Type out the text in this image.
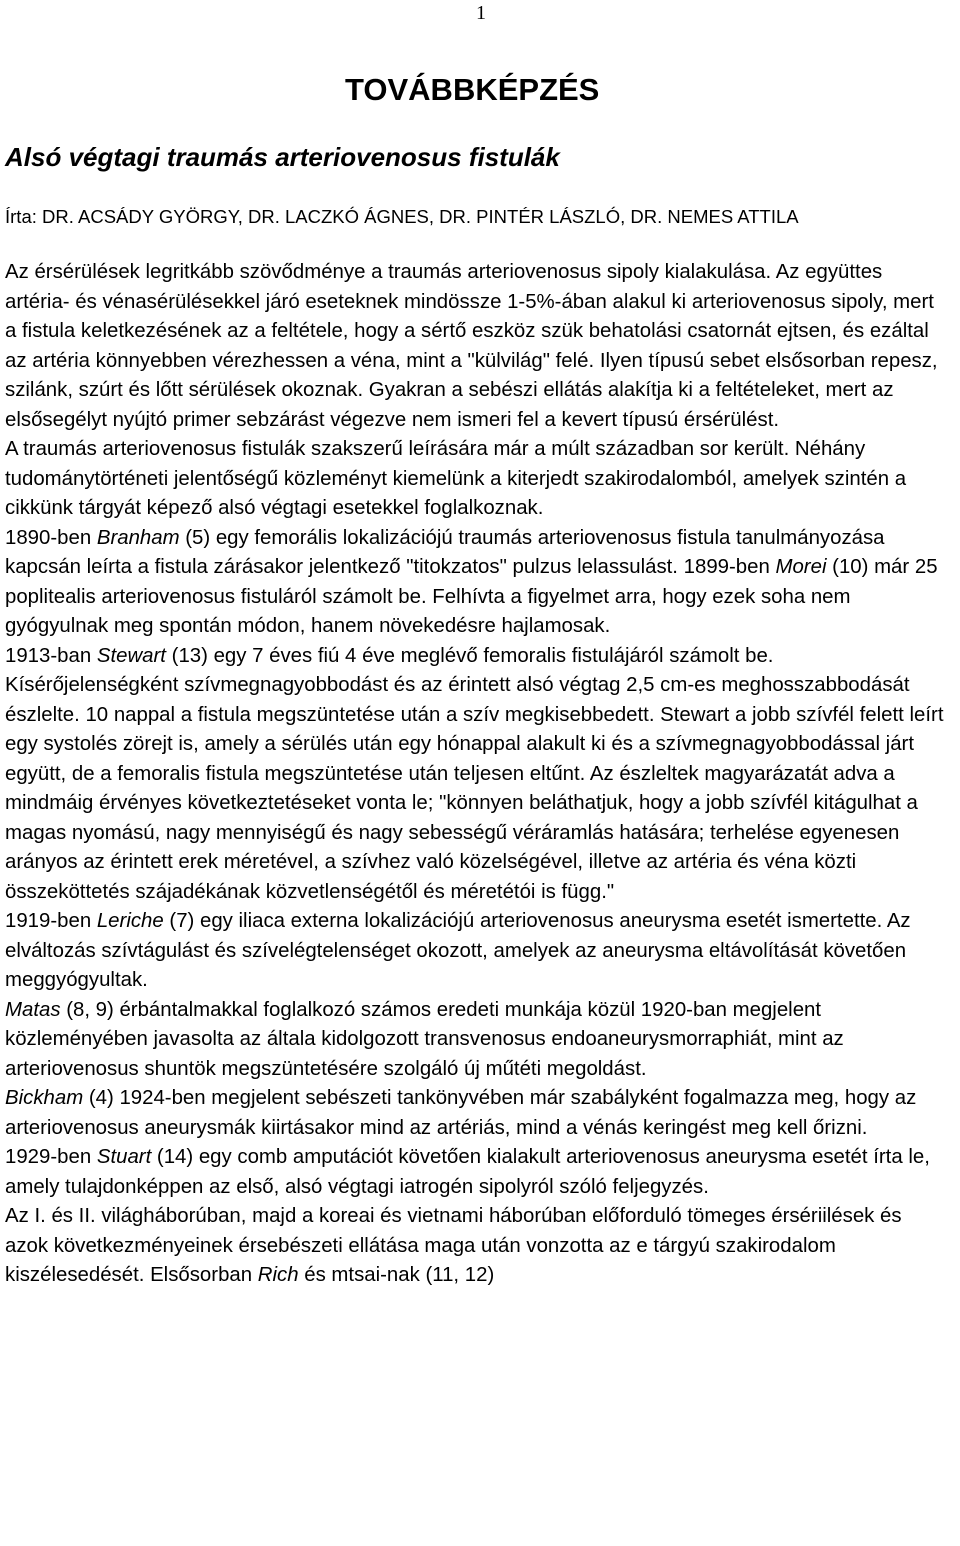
1
TOVÁBBKÉPZÉS
Alsó végtagi traumás arteriovenosus fistulák

Írta: DR. ACSÁDY GYÖRGY, DR. LACZKÓ ÁGNES, DR. PINTÉR LÁSZLÓ, DR. NEMES ATTILA

Az érsérülések legritkább szövődménye a traumás arteriovenosus sipoly kialakulása. Az együttes artéria- és vénasérülésekkel járó eseteknek mindössze 1-5%-ában alakul ki arteriovenosus sipoly, mert a fistula keletkezésének az a feltétele, hogy a sértő eszköz szük behatolási csatornát ejtsen, és ezáltal az artéria könnyebben vérezhessen a véna, mint a "külvilág" felé. Ilyen típusú sebet elsősorban repesz, szilánk, szúrt és lőtt sérülések okoznak. Gyakran a sebészi ellátás alakítja ki a feltételeket, mert az elsősegélyt nyújtó primer sebzárást végezve nem ismeri fel a kevert típusú érsérülést.

A traumás arteriovenosus fistulák szakszerű leírására már a múlt században sor került. Néhány tudománytörténeti jelentőségű közleményt kiemelünk a kiterjedt szakirodalomból, amelyek szintén a cikkünk tárgyát képező alsó végtagi esetekkel foglalkoznak.

1890-ben Branham (5) egy femorális lokalizációjú traumás arteriovenosus fistula tanulmányozása kapcsán leírta a fistula zárásakor jelentkező "titokzatos" pulzus lelassulást. 1899-ben Morei (10) már 25 poplitealis arteriovenosus fistuláról számolt be. Felhívta a figyelmet arra, hogy ezek soha nem gyógyulnak meg spontán módon, hanem növekedésre hajlamosak.

1913-ban Stewart (13) egy 7 éves fiú 4 éve meglévő femoralis fistulájáról számolt be. Kísérőjelenségként szívmegnagyobbodást és az érintett alsó végtag 2,5 cm-es meghosszabbodását észlelte. 10 nappal a fistula megszüntetése után a szív megkisebbedett. Stewart a jobb szívfél felett leírt egy systolés zörejt is, amely a sérülés után egy hónappal alakult ki és a szívmegnagyobbodással járt együtt, de a femoralis fistula megszüntetése után teljesen eltűnt. Az észleltek magyarázatát adva a mindmáig érvényes következtetéseket vonta le; "könnyen beláthatjuk, hogy a jobb szívfél kitágulhat a magas nyomású, nagy mennyiségű és nagy sebességű véráramlás hatására; terhelése egyenesen arányos az érintett erek méretével, a szívhez való közelségével, illetve az artéria és véna közti összeköttetés szájadékának közvetlenségétől és méretétói is függ."

1919-ben Leriche (7) egy iliaca externa lokalizációjú arteriovenosus aneurysma esetét ismertette. Az elváltozás szívtágulást és szívelégtelenséget okozott, amelyek az aneurysma eltávolítását követően meggyógyultak.

Matas (8, 9) érbántalmakkal foglalkozó számos eredeti munkája közül 1920-ban megjelent közleményében javasolta az általa kidolgozott transvenosus endoaneurysmorraphiát, mint az arteriovenosus shuntök megszüntetésére szolgáló új műtéti megoldást.

Bickham (4) 1924-ben megjelent sebészeti tankönyvében már szabályként fogalmazza meg, hogy az arteriovenosus aneurysmák kiirtásakor mind az artériás, mind a vénás keringést meg kell őrizni.

1929-ben Stuart (14) egy comb amputációt követően kialakult arteriovenosus aneurysma esetét írta le, amely tulajdonképpen az első, alsó végtagi iatrogén sipolyról szóló feljegyzés.

Az I. és II. világháborúban, majd a koreai és vietnami háborúban előforduló tömeges érsériilések és azok következményeinek érsebészeti ellátása maga után vonzotta az e tárgyú szakirodalom kiszélesedését. Elsősorban Rich és mtsai-nak (11, 12)
